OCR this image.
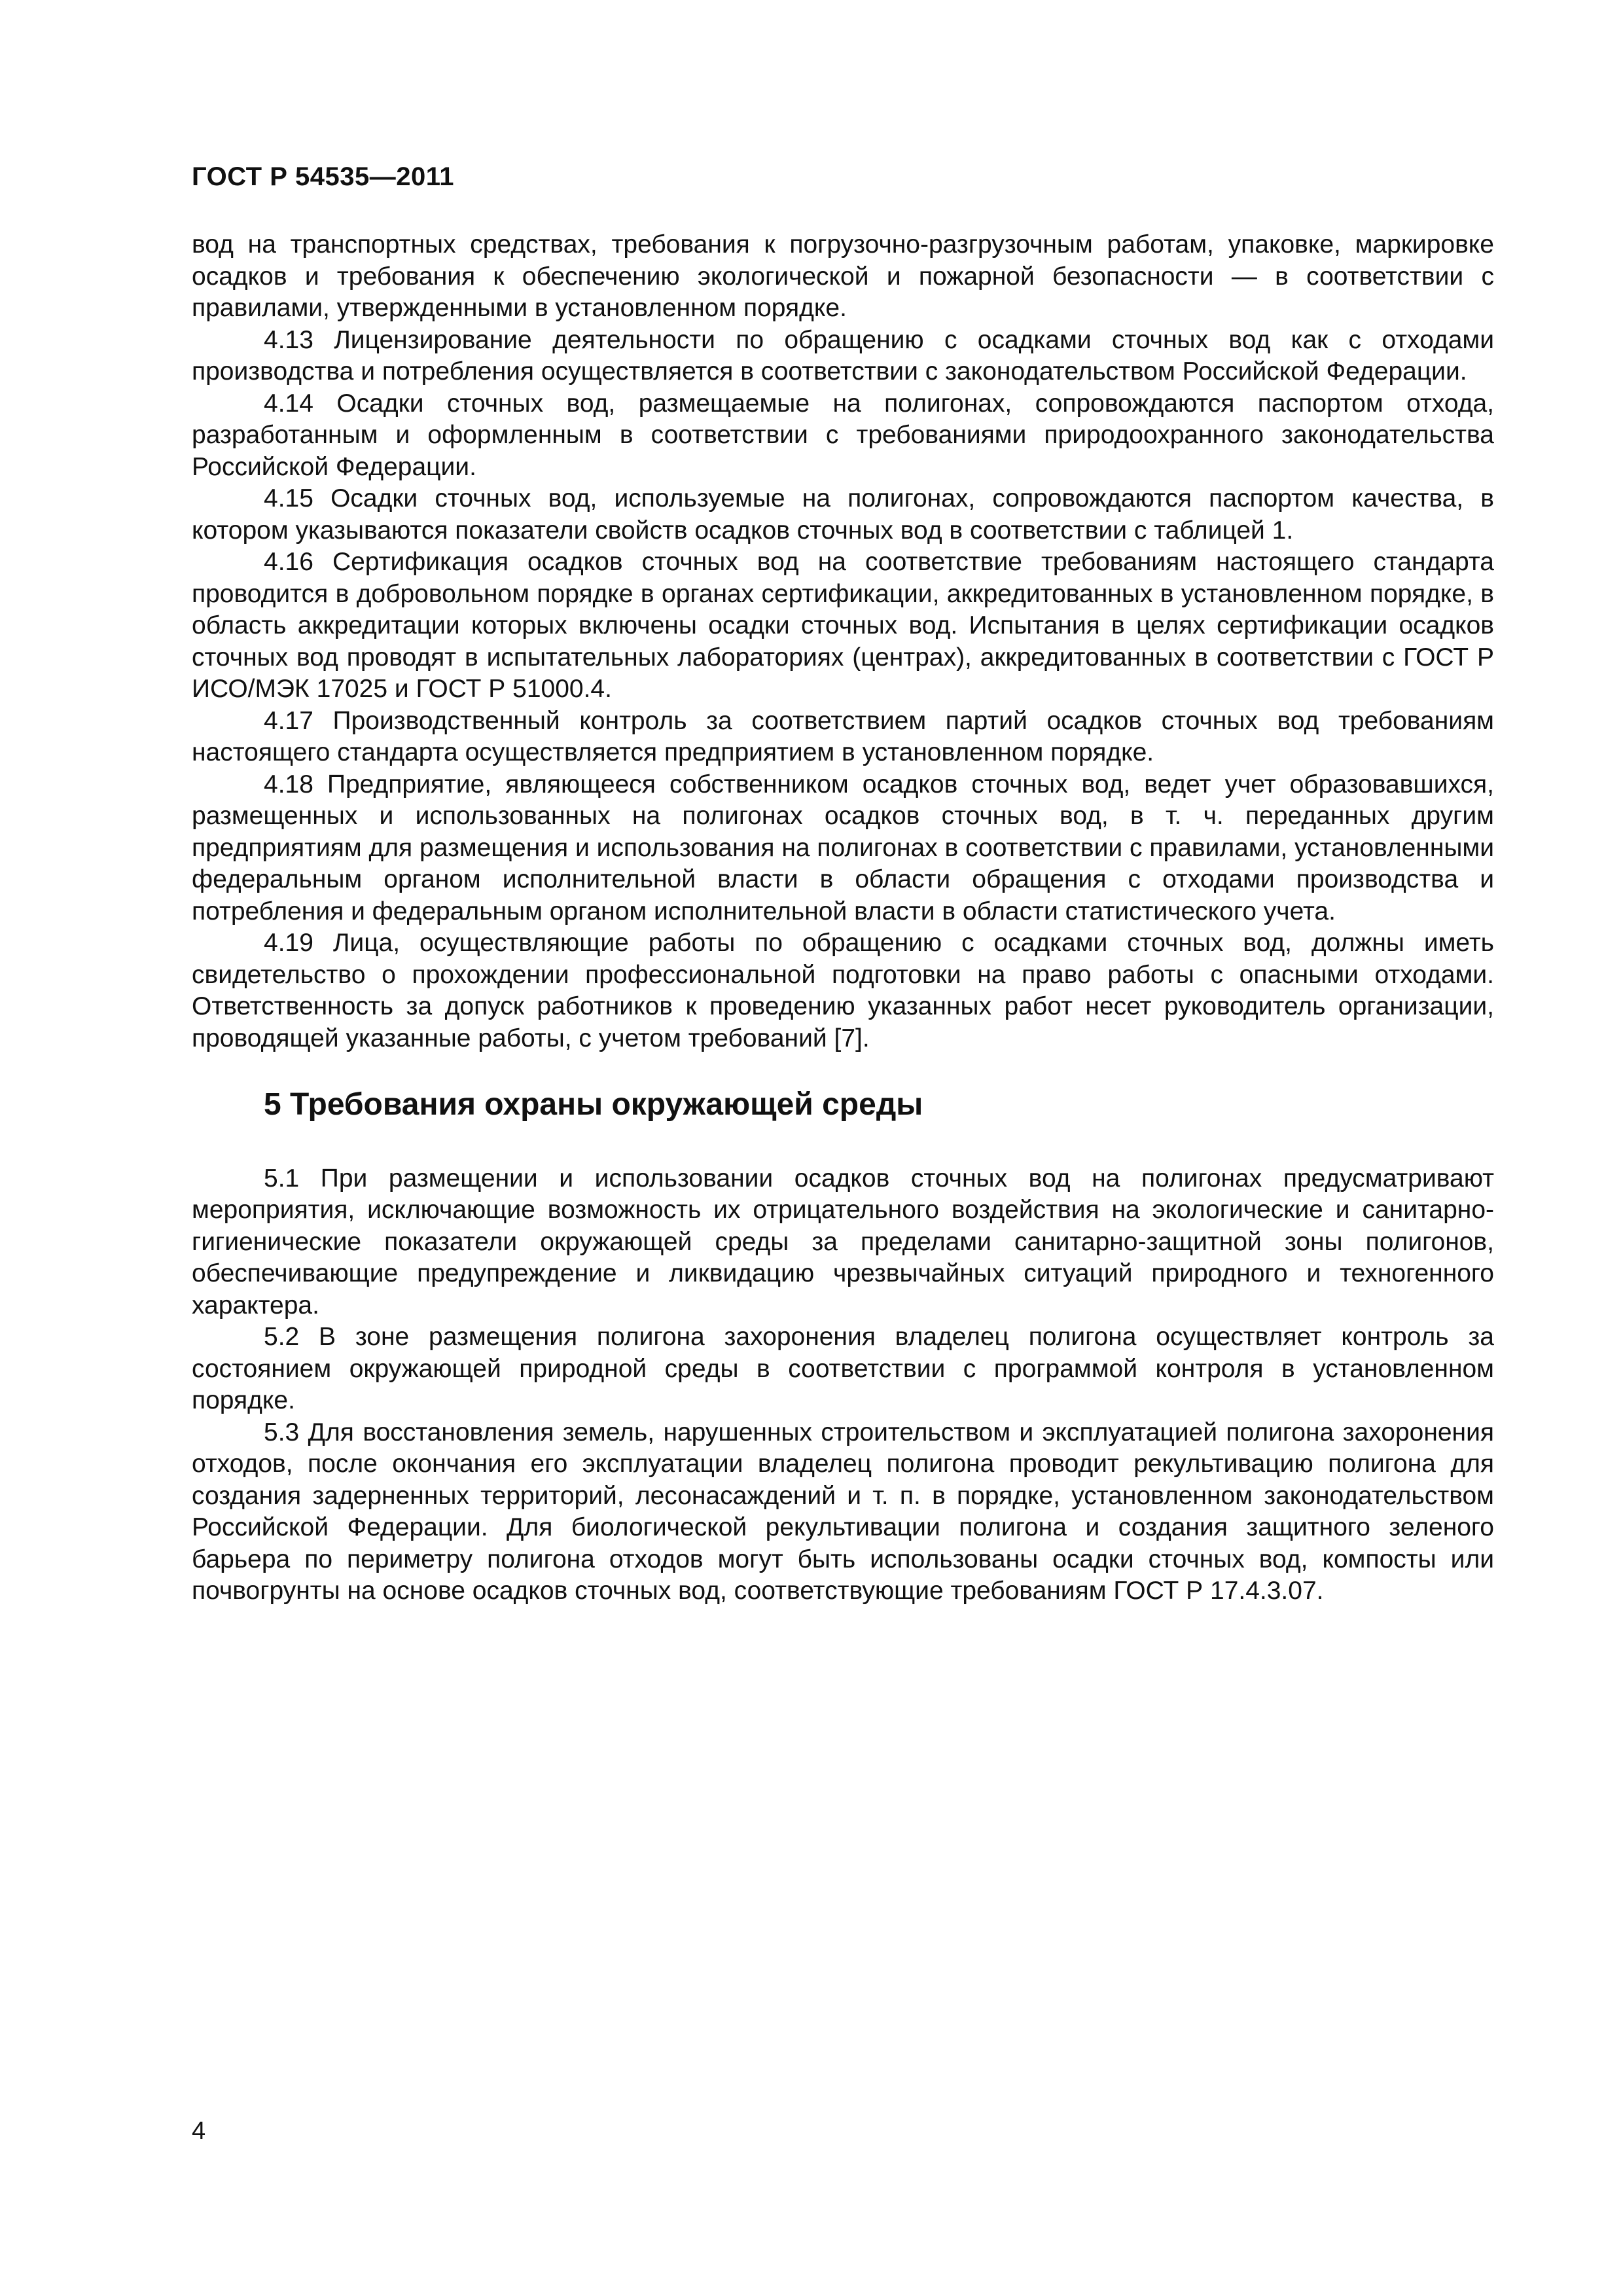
ГОСТ Р 54535—2011

вод на транспортных средствах, требования к погрузочно-разгрузочным работам, упаковке, маркировке осадков и требования к обеспечению экологической и пожарной безопасности — в соответствии с правилами, утвержденными в установленном порядке.

4.13 Лицензирование деятельности по обращению с осадками сточных вод как с отходами производства и потребления осуществляется в соответствии с законодательством Российской Федерации.

4.14 Осадки сточных вод, размещаемые на полигонах, сопровождаются паспортом отхода, разработанным и оформленным в соответствии с требованиями природоохранного законодательства Российской Федерации.

4.15 Осадки сточных вод, используемые на полигонах, сопровождаются паспортом качества, в котором указываются показатели свойств осадков сточных вод в соответствии с таблицей 1.

4.16 Сертификация осадков сточных вод на соответствие требованиям настоящего стандарта проводится в добровольном порядке в органах сертификации, аккредитованных в установленном порядке, в область аккредитации которых включены осадки сточных вод. Испытания в целях сертификации осадков сточных вод проводят в испытательных лабораториях (центрах), аккредитованных в соответствии с ГОСТ Р ИСО/МЭК 17025 и ГОСТ Р 51000.4.

4.17 Производственный контроль за соответствием партий осадков сточных вод требованиям настоящего стандарта осуществляется предприятием в установленном порядке.

4.18 Предприятие, являющееся собственником осадков сточных вод, ведет учет образовавшихся, размещенных и использованных на полигонах осадков сточных вод, в т. ч. переданных другим предприятиям для размещения и использования на полигонах в соответствии с правилами, установленными федеральным органом исполнительной власти в области обращения с отходами производства и потребления и федеральным органом исполнительной власти в области статистического учета.

4.19 Лица, осуществляющие работы по обращению с осадками сточных вод, должны иметь свидетельство о прохождении профессиональной подготовки на право работы с опасными отходами. Ответственность за допуск работников к проведению указанных работ несет руководитель организации, проводящей указанные работы, с учетом требований [7].

5 Требования охраны окружающей среды

5.1 При размещении и использовании осадков сточных вод на полигонах предусматривают мероприятия, исключающие возможность их отрицательного воздействия на экологические и санитарно-гигиенические показатели окружающей среды за пределами санитарно-защитной зоны полигонов, обеспечивающие предупреждение и ликвидацию чрезвычайных ситуаций природного и техногенного характера.

5.2 В зоне размещения полигона захоронения владелец полигона осуществляет контроль за состоянием окружающей природной среды в соответствии с программой контроля в установленном порядке.

5.3 Для восстановления земель, нарушенных строительством и эксплуатацией полигона захоронения отходов, после окончания его эксплуатации владелец полигона проводит рекультивацию полигона для создания задерненных территорий, лесонасаждений и т. п. в порядке, установленном законодательством Российской Федерации. Для биологической рекультивации полигона и создания защитного зеленого барьера по периметру полигона отходов могут быть использованы осадки сточных вод, компосты или почвогрунты на основе осадков сточных вод, соответствующие требованиям ГОСТ Р 17.4.3.07.

4
